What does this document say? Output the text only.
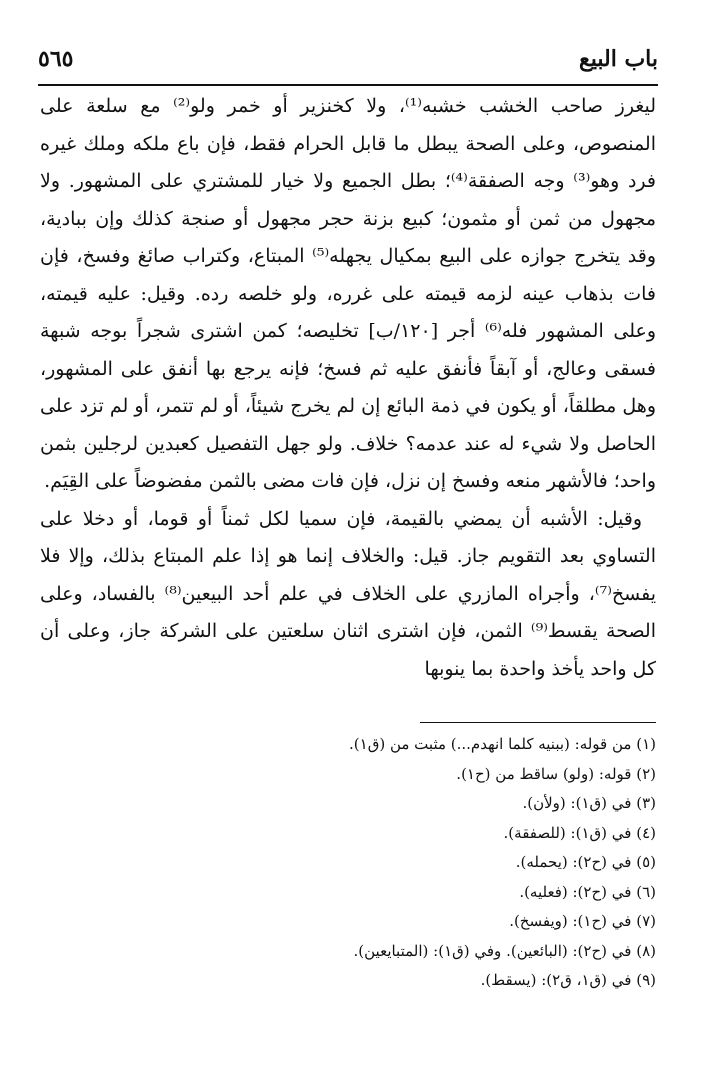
باب البيع
٥٦٥

ليغرز صاحب الخشب خشبه⁽¹⁾، ولا كخنزير أو خمر ولو⁽²⁾ مع سلعة على المنصوص، وعلى الصحة يبطل ما قابل الحرام فقط، فإن باع ملكه وملك غيره فرد وهو⁽³⁾ وجه الصفقة⁽⁴⁾؛ بطل الجميع ولا خيار للمشتري على المشهور. ولا مجهول من ثمن أو مثمون؛ كبيع بزنة حجر مجهول أو صنجة كذلك وإن ببادية، وقد يتخرج جوازه على البيع بمكيال يجهله⁽⁵⁾ المبتاع، وكتراب صائغ وفسخ، فإن فات بذهاب عينه لزمه قيمته على غرره، ولو خلصه رده. وقيل: عليه قيمته، وعلى المشهور فله⁽⁶⁾ أجر [١٢٠/ب] تخليصه؛ كمن اشترى شجراً بوجه شبهة فسقى وعالج، أو آبقاً فأنفق عليه ثم فسخ؛ فإنه يرجع بها أنفق على المشهور، وهل مطلقاً، أو يكون في ذمة البائع إن لم يخرج شيئاً، أو لم تتمر، أو لم تزد على الحاصل ولا شيء له عند عدمه؟ خلاف. ولو جهل التفصيل كعبدين لرجلين بثمن واحد؛ فالأشهر منعه وفسخ إن نزل، فإن فات مضى بالثمن مفضوضاً على القِيَم.

وقيل: الأشبه أن يمضي بالقيمة، فإن سميا لكل ثمناً أو قوما، أو دخلا على التساوي بعد التقويم جاز. قيل: والخلاف إنما هو إذا علم المبتاع بذلك، وإلا فلا يفسخ⁽⁷⁾، وأجراه المازري على الخلاف في علم أحد البيعين⁽⁸⁾ بالفساد، وعلى الصحة يقسط⁽⁹⁾ الثمن، فإن اشترى اثنان سلعتين على الشركة جاز، وعلى أن كل واحد يأخذ واحدة بما ينوبها

(١) من قوله: (ببنيه كلما انهدم...) مثبت من (ق١).
(٢) قوله: (ولو) ساقط من (ح١).
(٣) في (ق١): (ولأن).
(٤) في (ق١): (للصفقة).
(٥) في (ح٢): (يحمله).
(٦) في (ح٢): (فعليه).
(٧) في (ح١): (ويفسخ).
(٨) في (ح٢): (البائعين). وفي (ق١): (المتبايعين).
(٩) في (ق١، ق٢): (يسقط).
